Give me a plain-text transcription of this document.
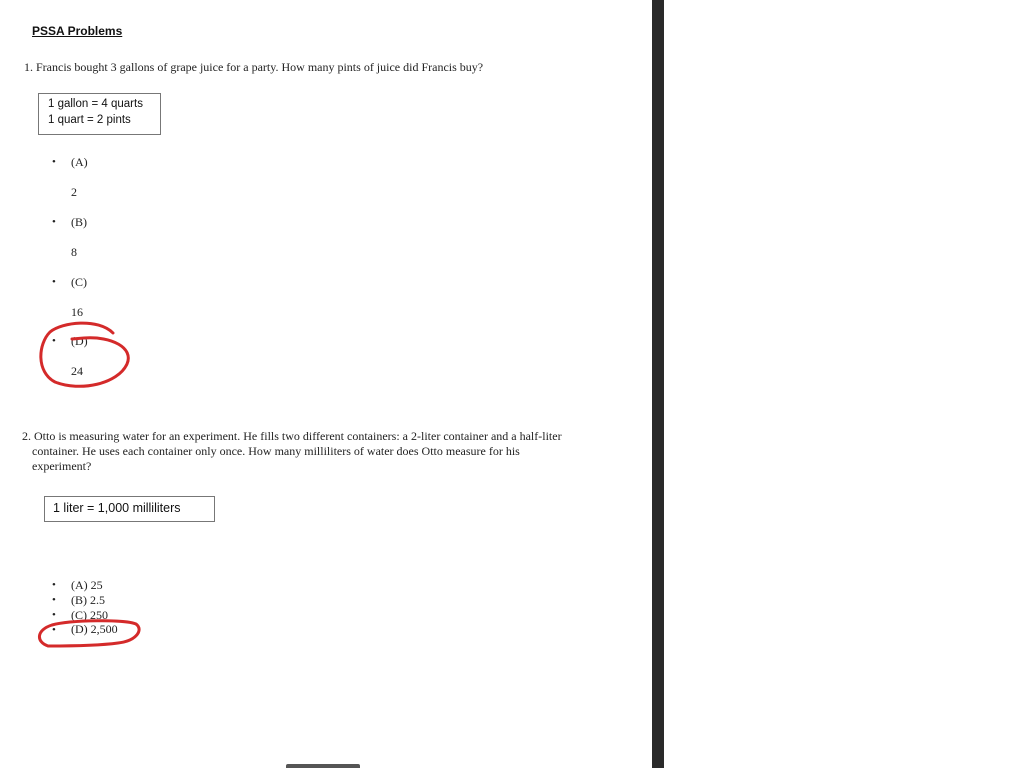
PSSA Problems
1. Francis bought 3 gallons of grape juice for a party. How many pints of juice did Francis buy?
1 gallon = 4 quarts
1 quart = 2 pints
• (A)
2
• (B)
8
• (C)
16
• (D)
24
2. Otto is measuring water for an experiment. He fills two different containers: a 2-liter container and a half-liter
container. He uses each container only once. How many milliliters of water does Otto measure for his
experiment?
1 liter = 1,000 milliliters
• (A) 25
• (B) 2.5
• (C) 250
• (D) 2,500
